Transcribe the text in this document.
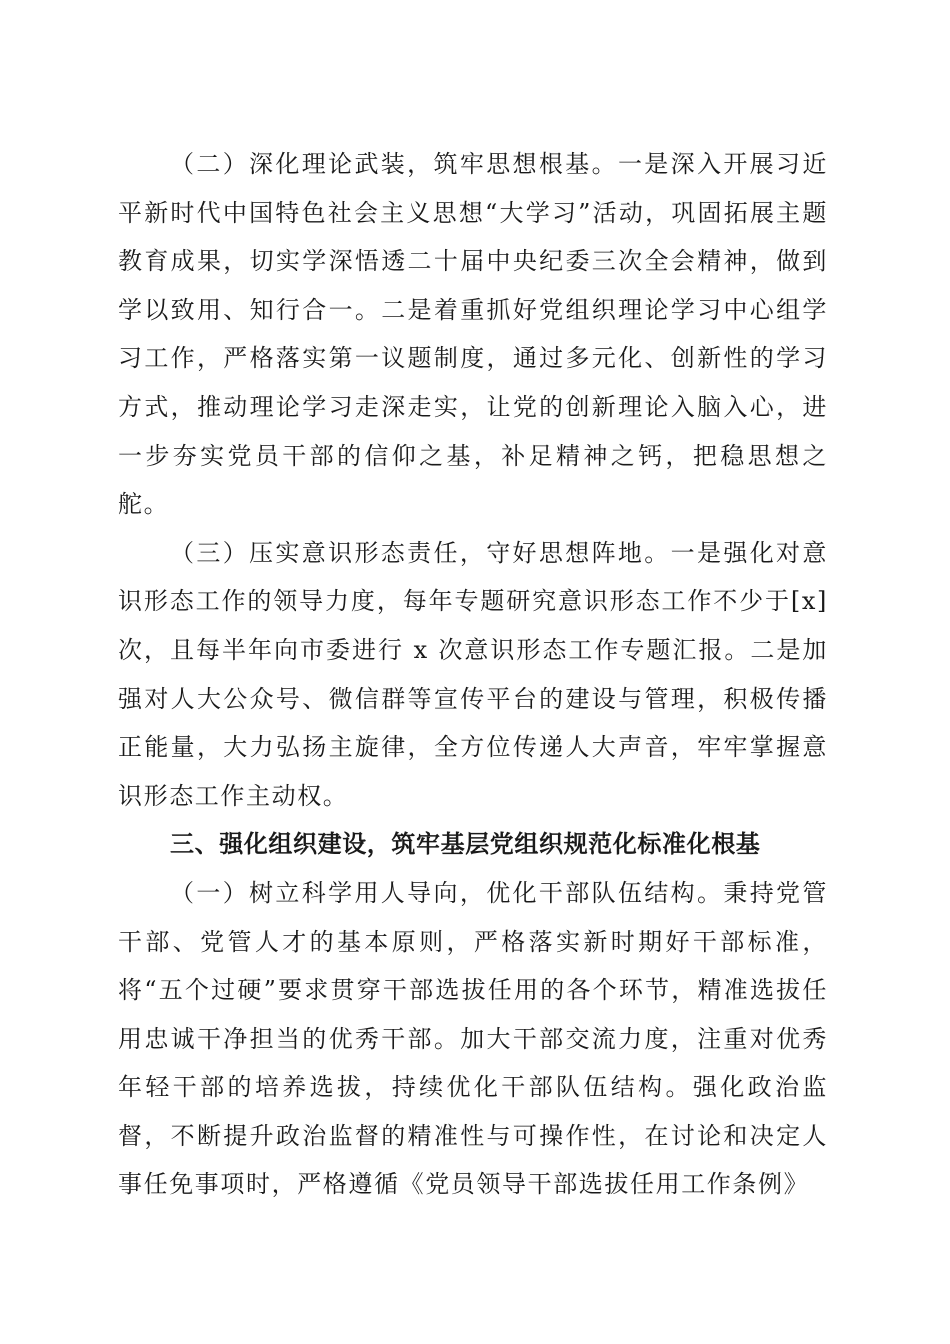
（二）深化理论武装，筑牢思想根基。一是深入开展习近平新时代中国特色社会主义思想“大学习”活动，巩固拓展主题教育成果，切实学深悟透二十届中央纪委三次全会精神，做到学以致用、知行合一。二是着重抓好党组织理论学习中心组学习工作，严格落实第一议题制度，通过多元化、创新性的学习方式，推动理论学习走深走实，让党的创新理论入脑入心，进一步夯实党员干部的信仰之基，补足精神之钙，把稳思想之舵。

（三）压实意识形态责任，守好思想阵地。一是强化对意识形态工作的领导力度，每年专题研究意识形态工作不少于[x]次，且每半年向市委进行 x 次意识形态工作专题汇报。二是加强对人大公众号、微信群等宣传平台的建设与管理，积极传播正能量，大力弘扬主旋律，全方位传递人大声音，牢牢掌握意识形态工作主动权。

三、强化组织建设，筑牢基层党组织规范化标准化根基

（一）树立科学用人导向，优化干部队伍结构。秉持党管干部、党管人才的基本原则，严格落实新时期好干部标准，将“五个过硬”要求贯穿干部选拔任用的各个环节，精准选拔任用忠诚干净担当的优秀干部。加大干部交流力度，注重对优秀年轻干部的培养选拔，持续优化干部队伍结构。强化政治监督，不断提升政治监督的精准性与可操作性，在讨论和决定人事任免事项时，严格遵循《党员领导干部选拔任用工作条例》
